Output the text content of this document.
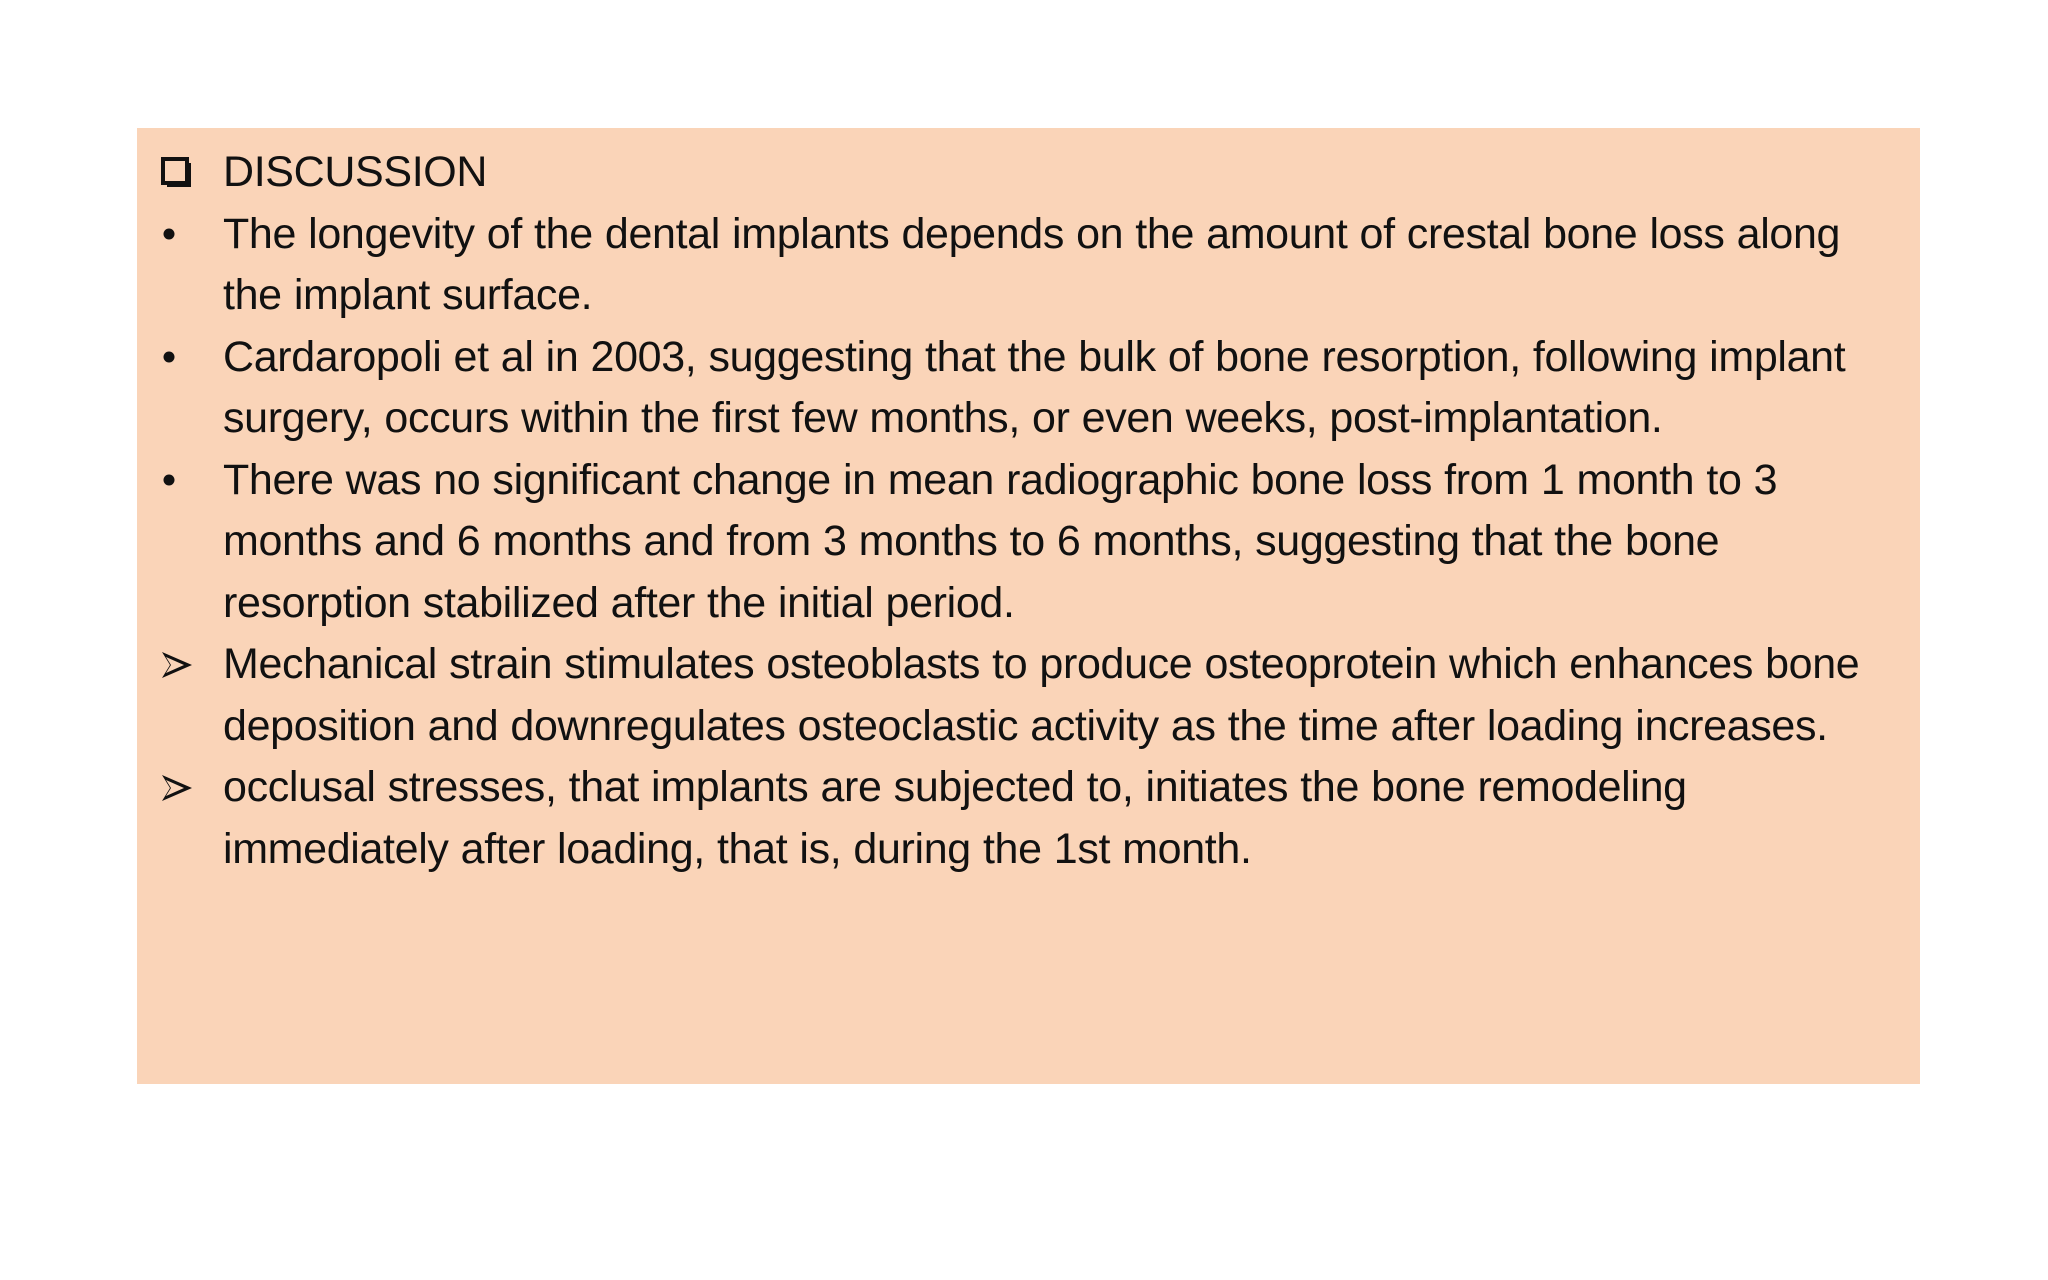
DISCUSSION
The longevity of the dental implants depends on the amount of crestal bone loss along the implant surface.
Cardaropoli et al in 2003, suggesting that the bulk of bone resorption, following implant surgery, occurs within the first few months, or even weeks, post-implantation.
There was no significant change in mean radiographic bone loss from 1 month to 3 months and 6 months and from 3 months to 6 months, suggesting that the bone resorption stabilized after the initial period.
Mechanical strain stimulates osteoblasts to produce osteoprotein which enhances bone deposition and downregulates osteoclastic activity as the time after loading increases.
occlusal stresses, that implants are subjected to, initiates the bone remodeling immediately after loading, that is, during the 1st month.
